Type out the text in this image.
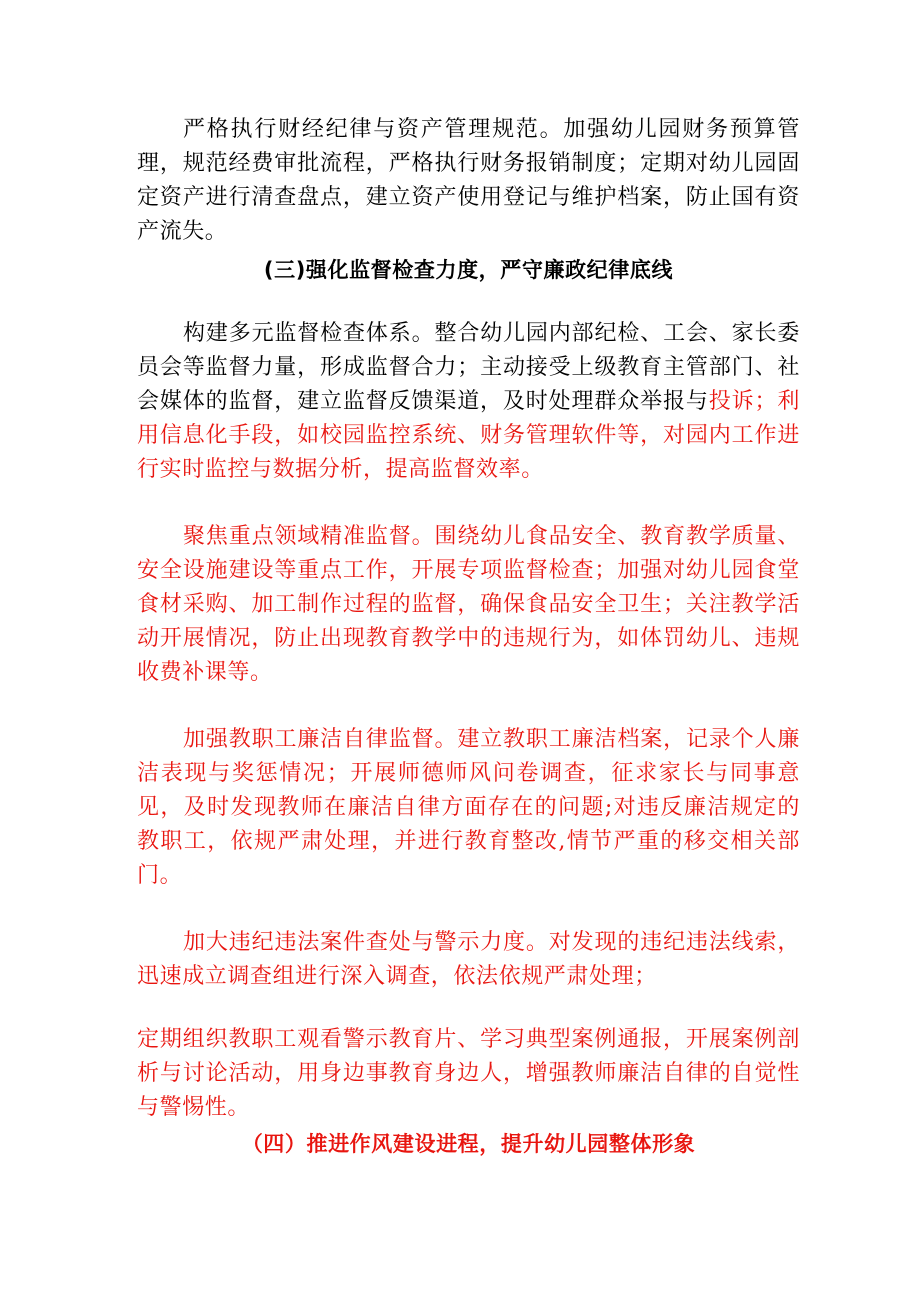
严格执行财经纪律与资产管理规范。加强幼儿园财务预算管理，规范经费审批流程，严格执行财务报销制度；定期对幼儿园固定资产进行清查盘点，建立资产使用登记与维护档案，防止国有资产流失。

(三)强化监督检查力度，严守廉政纪律底线

构建多元监督检查体系。整合幼儿园内部纪检、工会、家长委员会等监督力量，形成监督合力；主动接受上级教育主管部门、社会媒体的监督，建立监督反馈渠道，及时处理群众举报与投诉；利用信息化手段，如校园监控系统、财务管理软件等，对园内工作进行实时监控与数据分析，提高监督效率。

聚焦重点领域精准监督。围绕幼儿食品安全、教育教学质量、安全设施建设等重点工作，开展专项监督检查；加强对幼儿园食堂食材采购、加工制作过程的监督，确保食品安全卫生；关注教学活动开展情况，防止出现教育教学中的违规行为，如体罚幼儿、违规收费补课等。

加强教职工廉洁自律监督。建立教职工廉洁档案，记录个人廉洁表现与奖惩情况；开展师德师风问卷调查，征求家长与同事意见，及时发现教师在廉洁自律方面存在的问题;对违反廉洁规定的教职工，依规严肃处理，并进行教育整改,情节严重的移交相关部门。

加大违纪违法案件查处与警示力度。对发现的违纪违法线索，迅速成立调查组进行深入调查，依法依规严肃处理；

定期组织教职工观看警示教育片、学习典型案例通报，开展案例剖析与讨论活动，用身边事教育身边人，增强教师廉洁自律的自觉性与警惕性。

（四）推进作风建设进程，提升幼儿园整体形象
